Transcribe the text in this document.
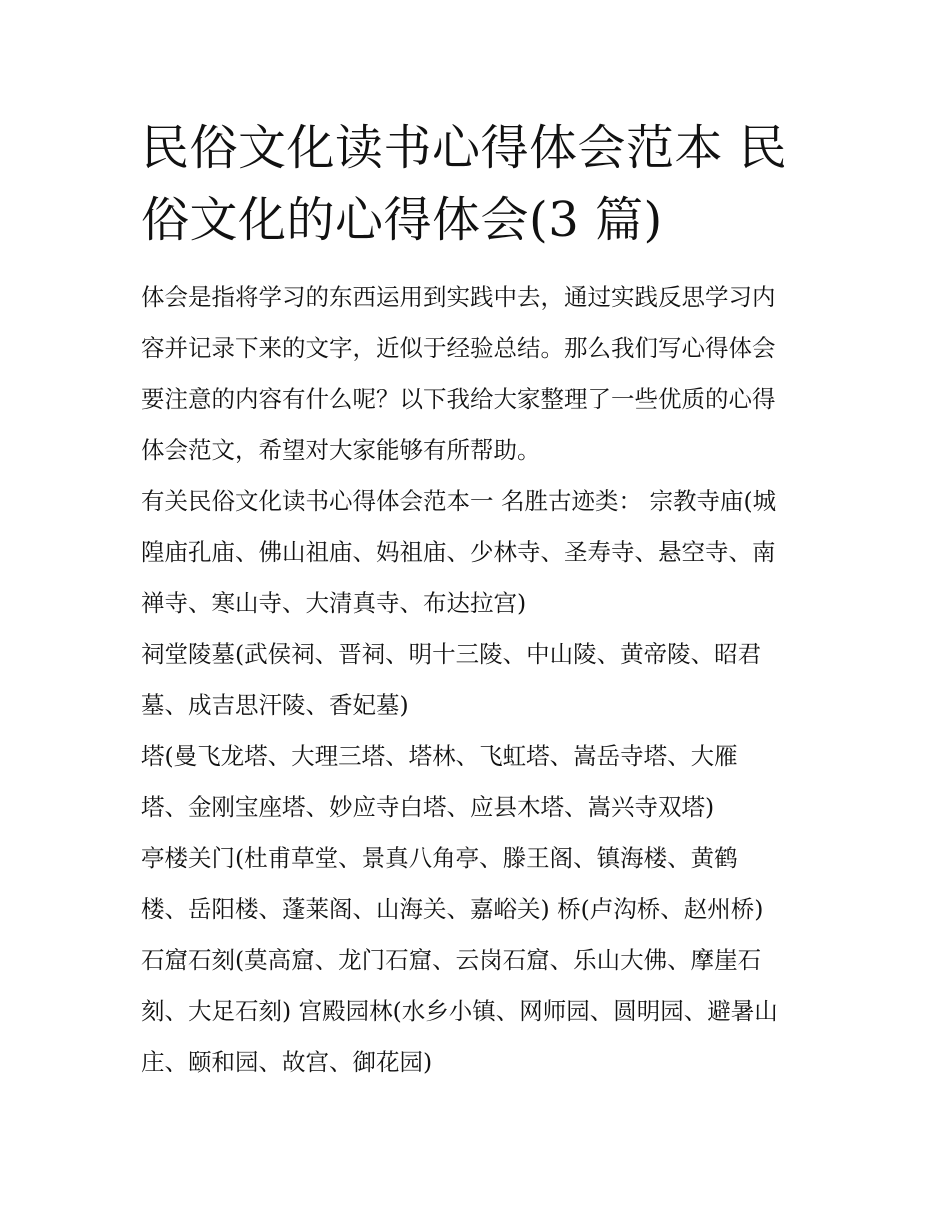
民俗文化读书心得体会范本 民
俗文化的心得体会(3 篇)

体会是指将学习的东西运用到实践中去，通过实践反思学习内
容并记录下来的文字，近似于经验总结。那么我们写心得体会
要注意的内容有什么呢？以下我给大家整理了一些优质的心得
体会范文，希望对大家能够有所帮助。

有关民俗文化读书心得体会范本一 名胜古迹类： 宗教寺庙(城
隍庙孔庙、佛山祖庙、妈祖庙、少林寺、圣寿寺、悬空寺、南
禅寺、寒山寺、大清真寺、布达拉宫)

祠堂陵墓(武侯祠、晋祠、明十三陵、中山陵、黄帝陵、昭君
墓、成吉思汗陵、香妃墓)

塔(曼飞龙塔、大理三塔、塔林、飞虹塔、嵩岳寺塔、大雁
塔、金刚宝座塔、妙应寺白塔、应县木塔、嵩兴寺双塔)

亭楼关门(杜甫草堂、景真八角亭、滕王阁、镇海楼、黄鹤
楼、岳阳楼、蓬莱阁、山海关、嘉峪关) 桥(卢沟桥、赵州桥)

石窟石刻(莫高窟、龙门石窟、云岗石窟、乐山大佛、摩崖石
刻、大足石刻) 宫殿园林(水乡小镇、网师园、圆明园、避暑山
庄、颐和园、故宫、御花园)
